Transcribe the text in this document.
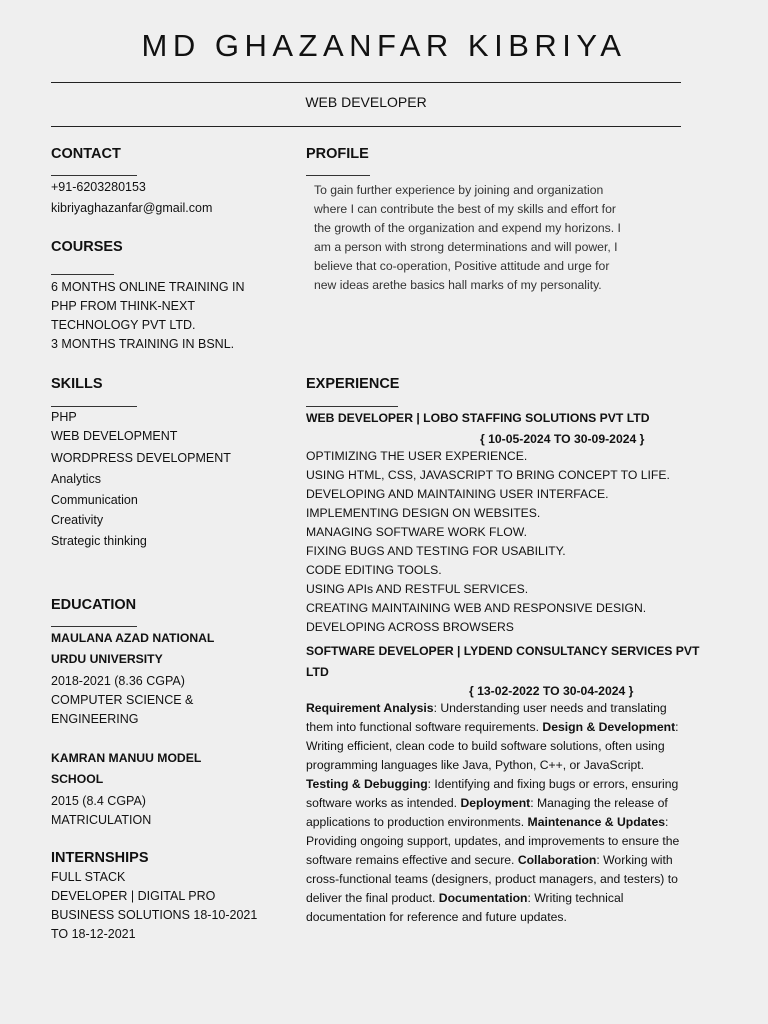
MD GHAZANFAR KIBRIYA
WEB DEVELOPER
CONTACT
+91-6203280153
kibriyaghazanfar@gmail.com
COURSES
6 MONTHS ONLINE TRAINING IN
PHP FROM THINK-NEXT
TECHNOLOGY PVT LTD.
3 MONTHS TRAINING IN BSNL.
SKILLS
PHP
WEB DEVELOPMENT
WORDPRESS DEVELOPMENT
Analytics
Communication
Creativity
Strategic thinking
EDUCATION
MAULANA AZAD NATIONAL
URDU UNIVERSITY
2018-2021 (8.36 CGPA)
COMPUTER SCIENCE &
ENGINEERING
KAMRAN MANUU MODEL
SCHOOL
2015 (8.4 CGPA)
MATRICULATION
INTERNSHIPS
FULL STACK
DEVELOPER | DIGITAL PRO
BUSINESS SOLUTIONS 18-10-2021
TO 18-12-2021
PROFILE
To gain further experience by joining and organization
where I can contribute the best of my skills and effort for
the growth of the organization and expend my horizons. I
am a person with strong determinations and will power, I
believe that co-operation, Positive attitude and urge for
new ideas arethe basics hall marks of my personality.
EXPERIENCE
WEB DEVELOPER | LOBO STAFFING SOLUTIONS PVT LTD
{ 10-05-2024 TO 30-09-2024 }
OPTIMIZING THE USER EXPERIENCE.
USING HTML, CSS, JAVASCRIPT TO BRING CONCEPT TO LIFE.
DEVELOPING AND MAINTAINING USER INTERFACE.
IMPLEMENTING DESIGN ON WEBSITES.
MANAGING SOFTWARE WORK FLOW.
FIXING BUGS AND TESTING FOR USABILITY.
CODE EDITING TOOLS.
USING APIs AND RESTFUL SERVICES.
CREATING MAINTAINING WEB AND RESPONSIVE DESIGN.
DEVELOPING ACROSS BROWSERS
SOFTWARE DEVELOPER | LYDEND CONSULTANCY SERVICES PVT
LTD
{ 13-02-2022 TO 30-04-2024 }
Requirement Analysis: Understanding user needs and translating them into functional software requirements. Design & Development: Writing efficient, clean code to build software solutions, often using programming languages like Java, Python, C++, or JavaScript. Testing & Debugging: Identifying and fixing bugs or errors, ensuring software works as intended. Deployment: Managing the release of applications to production environments. Maintenance & Updates: Providing ongoing support, updates, and improvements to ensure the software remains effective and secure. Collaboration: Working with cross-functional teams (designers, product managers, and testers) to deliver the final product. Documentation: Writing technical documentation for reference and future updates.
